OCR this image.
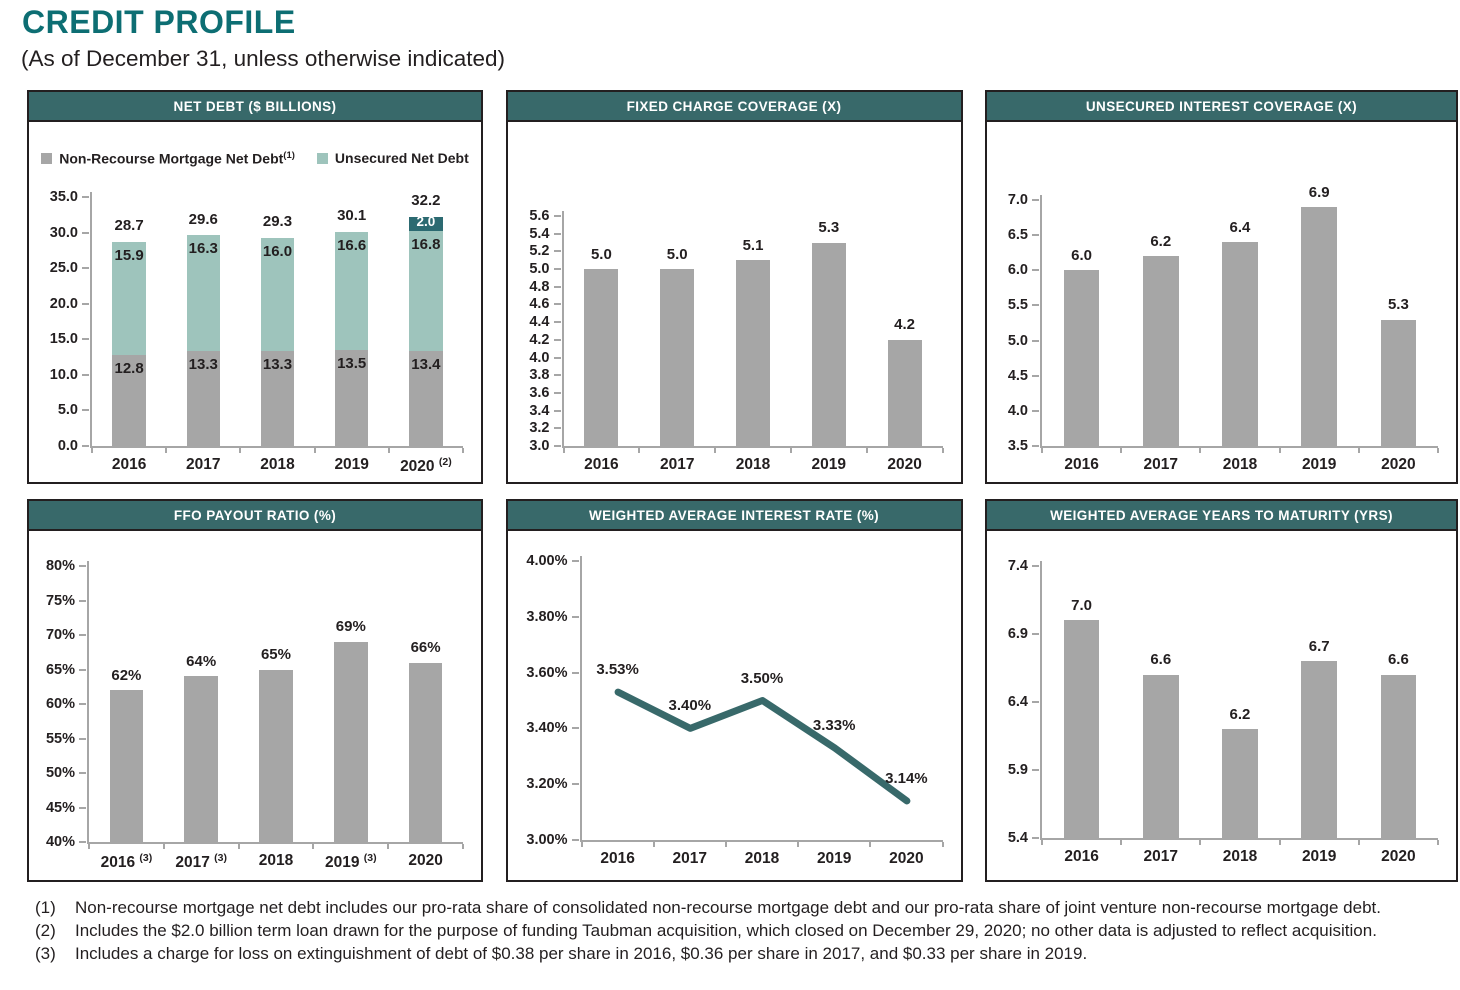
CREDIT PROFILE
(As of December 31, unless otherwise indicated)
NET DEBT ($ BILLIONS)
Non-Recourse Mortgage Net Debt$^{(1)}$	Unsecured Net Debt
35.0
30.0
25.0
20.0
15.0
10.0
5.0
0.0
2016	2017	2018	2019	2020 $^{(2)}$
12.8	13.3	13.3	13.5	13.4
15.9	16.3	16.0	16.6	16.8
2.0
28.7	29.6	29.3	30.1
32.2
FIXED CHARGE COVERAGE (X)
5.6
5.4
5.2
5.0
4.8
4.6
4.4
4.2
4.0
3.8
3.6
3.4
3.2
3.0
2016	2017	2018	2019	2020
5.0	5.0
5.1
5.3
4.2
UNSECURED INTEREST COVERAGE (X)
7.0
6.5
6.0
5.5
5.0
4.5
4.0
3.5
2016	2017	2018	2019	2020
6.0
6.2
6.4
6.9
5.3
FFO PAYOUT RATIO (%)
80%
75%
70%
65%
60%
55%
50%
45%
40%
2016 $^{(3)}$	2017 $^{(3)}$	2018	2019 $^{(3)}$	2020
62%
64%	65%
69%
66%
WEIGHTED AVERAGE INTEREST RATE (%)
4.00%
3.80%
3.60%
3.40%
3.20%
3.00%
2016	2017	2018	2019	2020
3.53%
3.40%
3.50%
3.33%
3.14%
WEIGHTED AVERAGE YEARS TO MATURITY (YRS)
7.4
6.9
6.4
5.9
5.4
2016	2017	2018	2019	2020
7.0
6.6
6.2
6.7
6.6
(1)	Non-recourse mortgage net debt includes our pro-rata share of consolidated non-recourse mortgage debt and our pro-rata share of joint venture non-recourse mortgage debt.
(2)	Includes the $2.0 billion term loan drawn for the purpose of funding Taubman acquisition, which closed on December 29, 2020; no other data is adjusted to reflect acquisition.
(3)	Includes a charge for loss on extinguishment of debt of $0.38 per share in 2016, $0.36 per share in 2017, and $0.33 per share in 2019.
